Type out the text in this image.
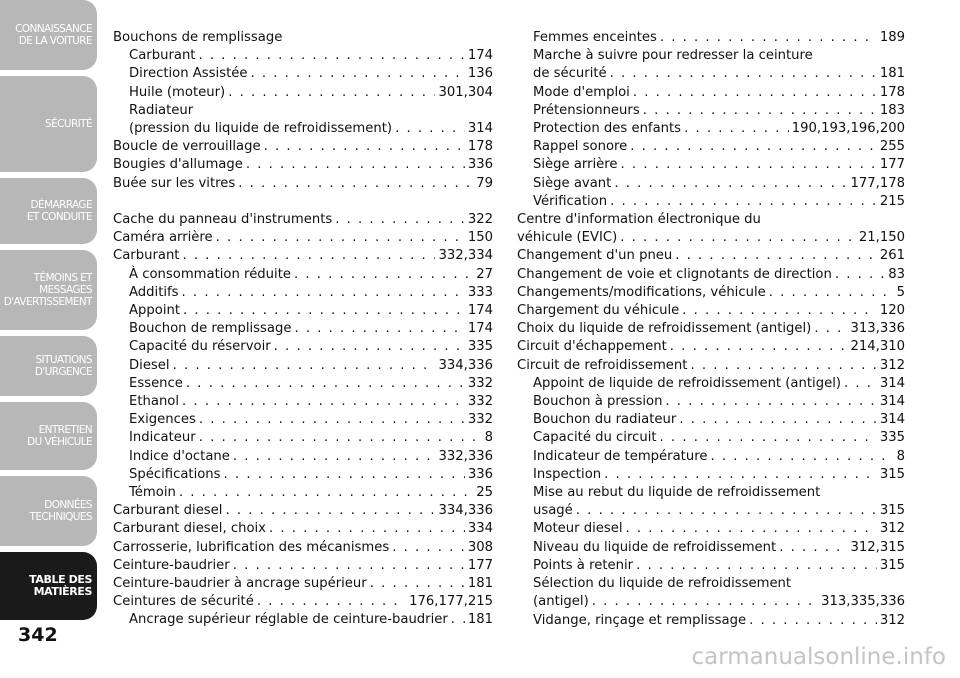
CONNAISSANCE
DE LA VOITURE
SÉCURITÉ
DÉMARRAGE
ET CONDUITE
TÉMOINS ET
MESSAGES
D'AVERTISSEMENT
SITUATIONS
D'URGENCE
ENTRETIEN
DU VÉHICULE
DONNÉES
TECHNIQUES
TABLE DES
MATIÈRES
342
Bouchons de remplissage
Carburant . . .	174
Direction Assistée . . .	136
Huile (moteur) . . .	301,304
Radiateur
(pression du liquide de refroidissement) . . .	314
Boucle de verrouillage . . .	178
Bougies d'allumage . . .	336
Buée sur les vitres . . .	79
Cache du panneau d'instruments . . .	322
Caméra arrière . . .	150
Carburant . . .	332,334
À consommation réduite . . .	27
Additifs . . .	333
Appoint . . .	174
Bouchon de remplissage . . .	174
Capacité du réservoir . . .	335
Diesel . . .	334,336
Essence . . .	332
Ethanol . . .	332
Exigences . . .	332
Indicateur . . .	8
Indice d'octane . . .	332,336
Spécifications . . .	336
Témoin . . .	25
Carburant diesel . . .	334,336
Carburant diesel, choix . . .	334
Carrosserie, lubrification des mécanismes . . .	308
Ceinture-baudrier . . .	177
Ceinture-baudrier à ancrage supérieur . . .	181
Ceintures de sécurité . . .	176,177,215
Ancrage supérieur réglable de ceinture-baudrier . . . 181
Femmes enceintes . . .	189
Marche à suivre pour redresser la ceinture
de sécurité . . .	181
Mode d'emploi . . .	178
Prétensionneurs . . .	183
Protection des enfants . . .	190,193,196,200
Rappel sonore . . .	255
Siège arrière . . .	177
Siège avant . . .	177,178
Vérification . . .	215
Centre d'information électronique du
véhicule (EVIC) . . .	21,150
Changement d'un pneu . . .	261
Changement de voie et clignotants de direction . . .	83
Changements/modifications, véhicule . . .	5
Chargement du véhicule . . .	120
Choix du liquide de refroidissement (antigel) . . .	313,336
Circuit d'échappement . . .	214,310
Circuit de refroidissement . . .	312
Appoint de liquide de refroidissement (antigel) . . .	314
Bouchon à pression . . .	314
Bouchon du radiateur . . .	314
Capacité du circuit . . .	335
Indicateur de température . . .	8
Inspection . . .	315
Mise au rebut du liquide de refroidissement
usagé . . .	315
Moteur diesel . . .	312
Niveau du liquide de refroidissement . . .	312,315
Points à retenir . . .	315
Sélection du liquide de refroidissement
(antigel) . . .	313,335,336
Vidange, rinçage et remplissage . . .	312
carmanualsonline.info
